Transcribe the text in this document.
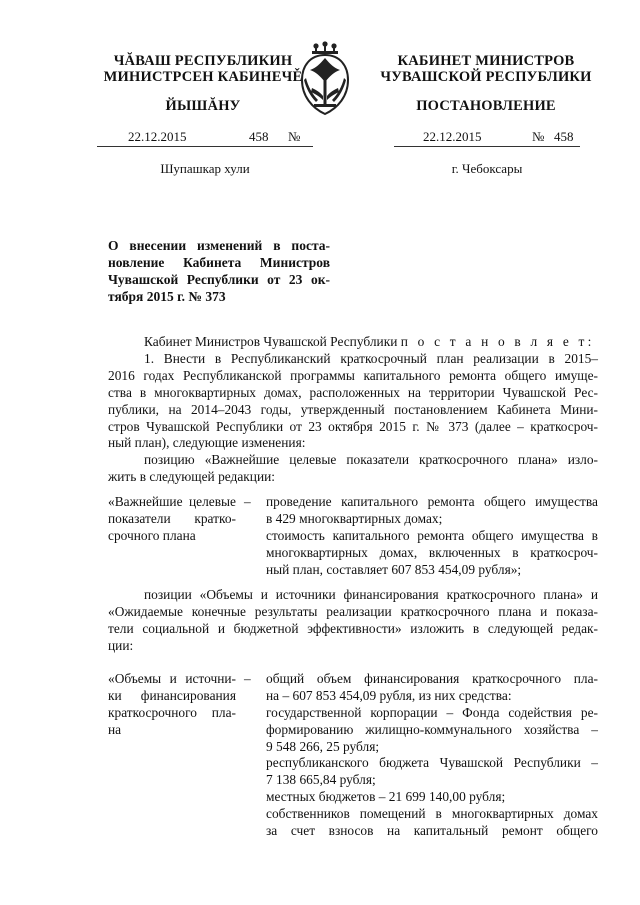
ЧĂВАШ РЕСПУБЛИКИН
МИНИСТРСЕН КАБИНЕЧĚ
ЙЫШĂНУ
22.12.2015	458 №
Шупашкар хули
КАБИНЕТ МИНИСТРОВ
ЧУВАШСКОЙ РЕСПУБЛИКИ
ПОСТАНОВЛЕНИЕ
22.12.2015	№ 458
г. Чебоксары
О внесении изменений в поста-
новление Кабинета Министров
Чувашской Республики от 23 ок-
тября 2015 г. № 373
Кабинет Министров Чувашской Республики п о с т а н о в л я е т:
1. Внести в Республиканский краткосрочный план реализации в 2015–
2016 годах Республиканской программы капитального ремонта общего имуще-
ства в многоквартирных домах, расположенных на территории Чувашской Рес-
публики, на 2014–2043 годы, утвержденный постановлением Кабинета Мини-
стров Чувашской Республики от 23 октября 2015 г. № 373 (далее – краткосроч-
ный план), следующие изменения:
позицию «Важнейшие целевые показатели краткосрочного плана» изло-
жить в следующей редакции:
«Важнейшие целевые
показатели кратко-
срочного плана
– проведение капитального ремонта общего имущества
в 429 многоквартирных домах;
стоимость капитального ремонта общего имущества в
многоквартирных домах, включенных в краткосроч-
ный план, составляет 607 853 454,09 рубля»;
позиции «Объемы и источники финансирования краткосрочного плана» и
«Ожидаемые конечные результаты реализации краткосрочного плана и показа-
тели социальной и бюджетной эффективности» изложить в следующей редак-
ции:
«Объемы и источни-
ки финансирования
краткосрочного пла-
на
– общий объем финансирования краткосрочного пла-
на – 607 853 454,09 рубля, из них средства:
государственной корпорации – Фонда содействия ре-
формированию жилищно-коммунального хозяйства –
9 548 266, 25 рубля;
республиканского бюджета Чувашской Республики –
7 138 665,84 рубля;
местных бюджетов – 21 699 140,00 рубля;
собственников помещений в многоквартирных домах
за счет взносов на капитальный ремонт общего
